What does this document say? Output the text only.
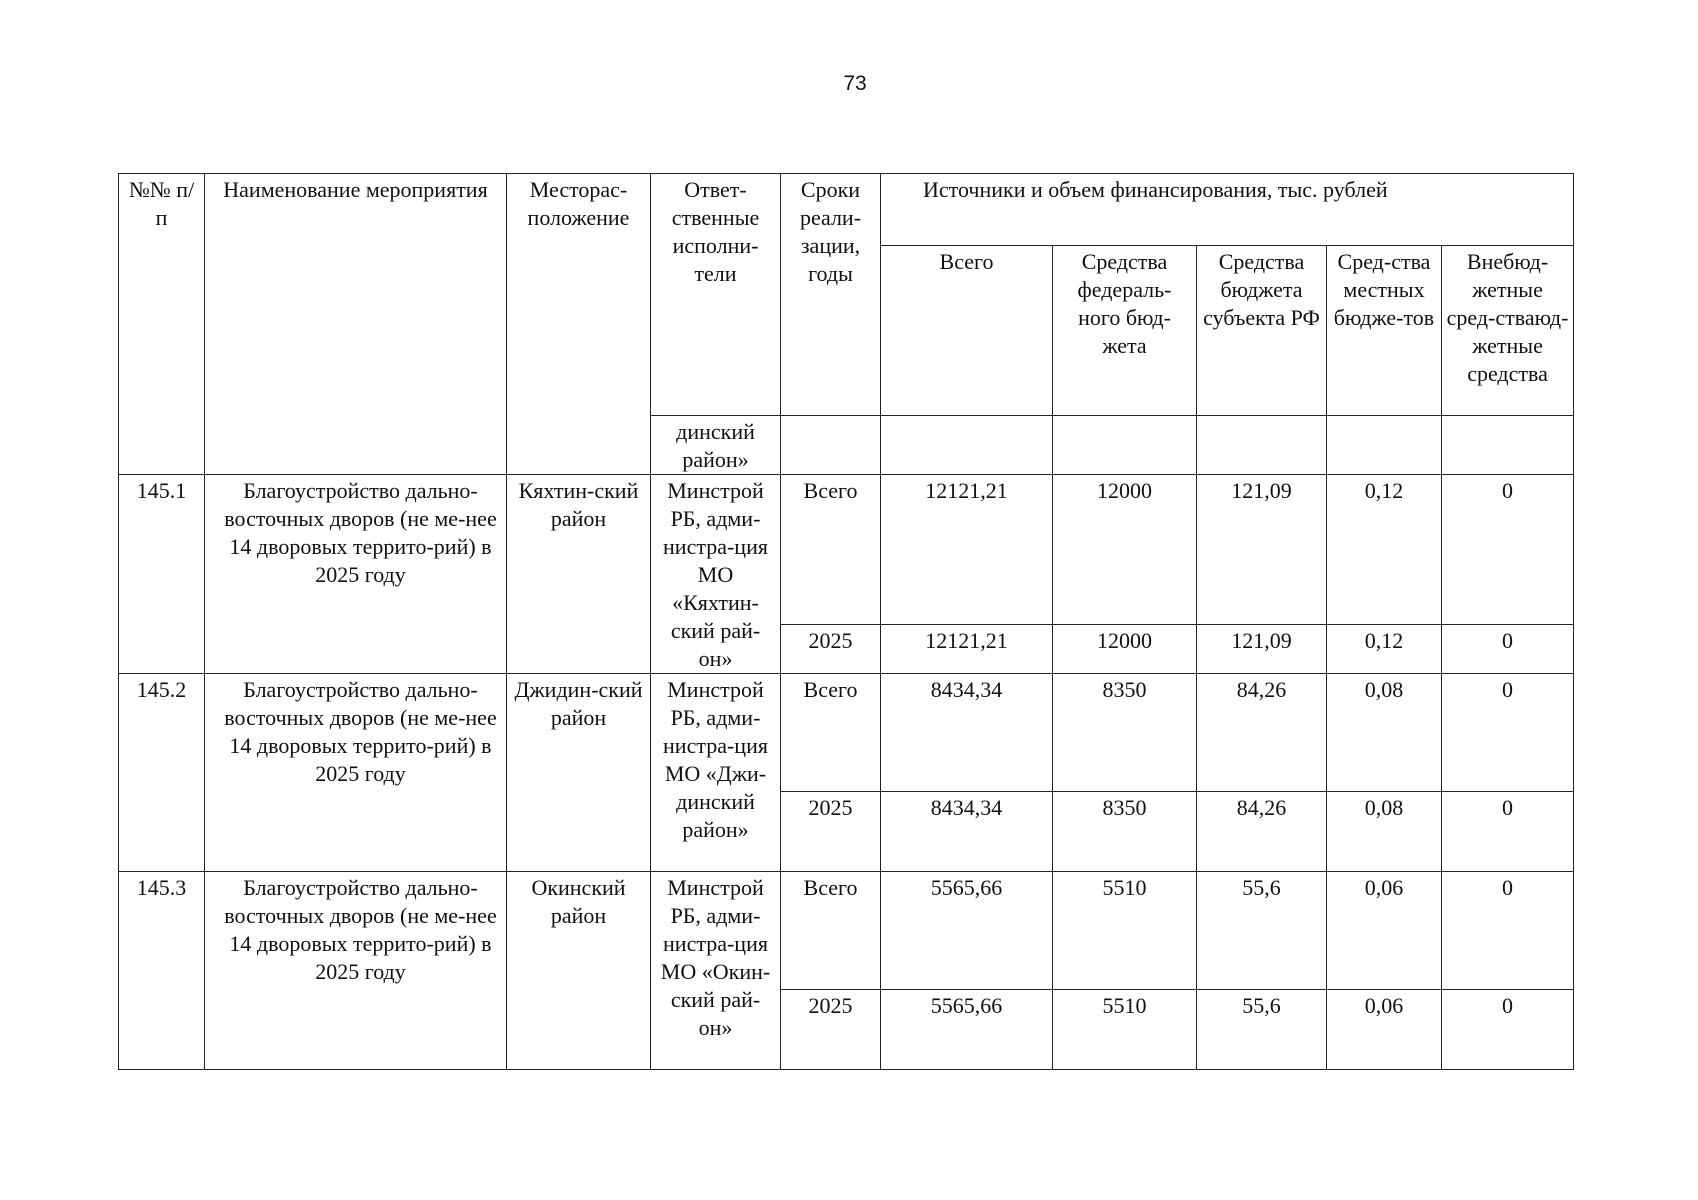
73
№№ п/п	Наименование мероприятия	Месторас-положение	Ответ-ственные исполни-тели	Сроки реали-зации, годы	Источники и объем финансирования, тыс. рублей				
					Всего	Средства федераль-ного бюд-жета	Средства бюджета субъекта РФ	Сред-ства местных бюдже-тов	Внебюд-жетные сред-стваюд-жетные средства
			динский район»						
145.1	Благоустройство дально-восточных дворов (не ме-нее 14 дворовых террито-рий) в 2025 году	Кяхтин-ский район	Минстрой РБ, адми-нистра-ция МО «Кяхтин-ский рай-он»	Всего	12121,21	12000	121,09	0,12	0
				2025	12121,21	12000	121,09	0,12	0
145.2	Благоустройство дально-восточных дворов (не ме-нее 14 дворовых террито-рий) в 2025 году	Джидин-ский район	Минстрой РБ, адми-нистра-ция МО «Джи-динский район»	Всего	8434,34	8350	84,26	0,08	0
				2025	8434,34	8350	84,26	0,08	0
145.3	Благоустройство дально-восточных дворов (не ме-нее 14 дворовых террито-рий) в 2025 году	Окинский район	Минстрой РБ, адми-нистра-ция МО «Окин-ский рай-он»	Всего	5565,66	5510	55,6	0,06	0
				2025	5565,66	5510	55,6	0,06	0
